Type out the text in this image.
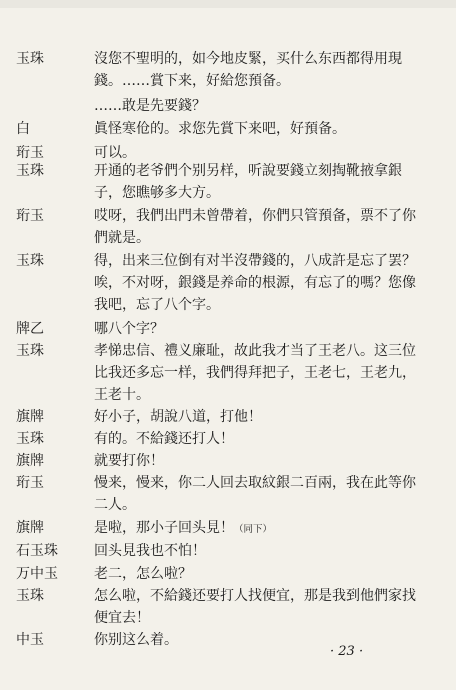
玉珠	沒您不聖明的，如今地皮緊，买什么东西都得用現錢。……賞下来，好給您預备。
……敢是先要錢？
白	眞怪寒伧的。求您先賞下来吧，好預备。
珩玉	可以。
玉珠	开通的老爷們个别另样，听說要錢立刻掏靴掖拿銀子，您瞧够多大方。
珩玉	哎呀，我們出門未曾帶着，你們只管預备，票不了你們就是。
玉珠	得，出来三位倒有对半沒帶錢的，八成許是忘了罢？唉，不对呀，銀錢是养命的根源，有忘了的嗎？您像我吧，忘了八个字。
牌乙	哪八个字？
玉珠	孝悌忠信、禮义廉耻，故此我才当了王老八。这三位比我还多忘一样，我們得拜把子，王老七，王老九，王老十。
旗牌	好小子，胡說八道，打他！
玉珠	有的。不給錢还打人！
旗牌	就要打你！
珩玉	慢来，慢来，你二人回去取紋銀二百兩，我在此等你二人。
旗牌	是啦，那小子回头見！（同下）
石玉珠	回头見我也不怕！
万中玉	老二，怎么啦？
玉珠	怎么啦，不給錢还要打人找便宜，那是我到他們家找便宜去！
中玉	你别这么着。
· 23 ·
